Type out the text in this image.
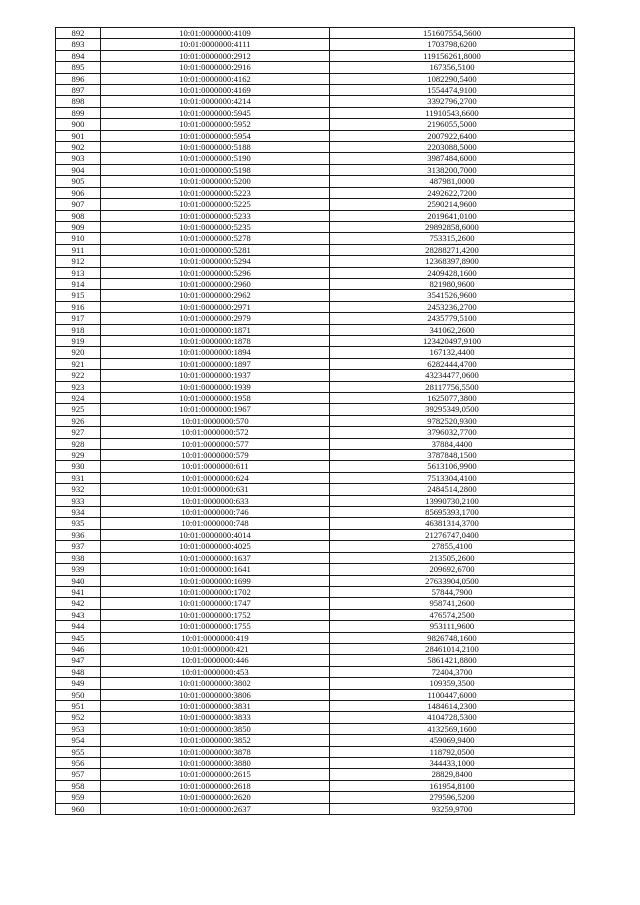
892	10:01:0000000:4109	151607554,5600
893	10:01:0000000:4111	1703798,6200
894	10:01:0000000:2912	119156261,8000
895	10:01:0000000:2916	167356,5100
896	10:01:0000000:4162	1082290,5400
897	10:01:0000000:4169	1554474,9100
898	10:01:0000000:4214	3392796,2700
899	10:01:0000000:5945	11910543,6600
900	10:01:0000000:5952	2196055,5000
901	10:01:0000000:5954	2007922,6400
902	10:01:0000000:5188	2203088,5000
903	10:01:0000000:5190	3987484,6000
904	10:01:0000000:5198	3138200,7000
905	10:01:0000000:5200	487981,0000
906	10:01:0000000:5223	2492622,7200
907	10:01:0000000:5225	2590214,9600
908	10:01:0000000:5233	2019641,0100
909	10:01:0000000:5235	29892858,6000
910	10:01:0000000:5278	753315,2600
911	10:01:0000000:5281	28288271,4200
912	10:01:0000000:5294	12368397,8900
913	10:01:0000000:5296	2409428,1600
914	10:01:0000000:2960	821980,9600
915	10:01:0000000:2962	3541526,9600
916	10:01:0000000:2971	2453236,2700
917	10:01:0000000:2979	2435779,5100
918	10:01:0000000:1871	341062,2600
919	10:01:0000000:1878	123420497,9100
920	10:01:0000000:1894	167132,4400
921	10:01:0000000:1897	6282444,4700
922	10:01:0000000:1937	43234477,0600
923	10:01:0000000:1939	28117756,5500
924	10:01:0000000:1958	1625077,3800
925	10:01:0000000:1967	39295349,0500
926	10:01:0000000:570	9782520,9300
927	10:01:0000000:572	3796032,7700
928	10:01:0000000:577	37884,4400
929	10:01:0000000:579	3787848,1500
930	10:01:0000000:611	5613106,9900
931	10:01:0000000:624	7513304,4100
932	10:01:0000000:631	2484514,2800
933	10:01:0000000:633	13990730,2100
934	10:01:0000000:746	85695393,1700
935	10:01:0000000:748	46381314,3700
936	10:01:0000000:4014	21276747,0400
937	10:01:0000000:4025	27855,4100
938	10:01:0000000:1637	213505,2600
939	10:01:0000000:1641	209692,6700
940	10:01:0000000:1699	27633904,0500
941	10:01:0000000:1702	57844,7900
942	10:01:0000000:1747	958741,2600
943	10:01:0000000:1752	476574,2500
944	10:01:0000000:1755	953111,9600
945	10:01:0000000:419	9826748,1600
946	10:01:0000000:421	28461014,2100
947	10:01:0000000:446	5861421,8800
948	10:01:0000000:453	72404,3700
949	10:01:0000000:3802	109359,3500
950	10:01:0000000:3806	1100447,6000
951	10:01:0000000:3831	1484614,2300
952	10:01:0000000:3833	4104728,5300
953	10:01:0000000:3850	4132569,1600
954	10:01:0000000:3852	459069,9400
955	10:01:0000000:3878	118792,0500
956	10:01:0000000:3880	344433,1000
957	10:01:0000000:2615	28829,8400
958	10:01:0000000:2618	161954,8100
959	10:01:0000000:2620	279596,5200
960	10:01:0000000:2637	93259,9700
